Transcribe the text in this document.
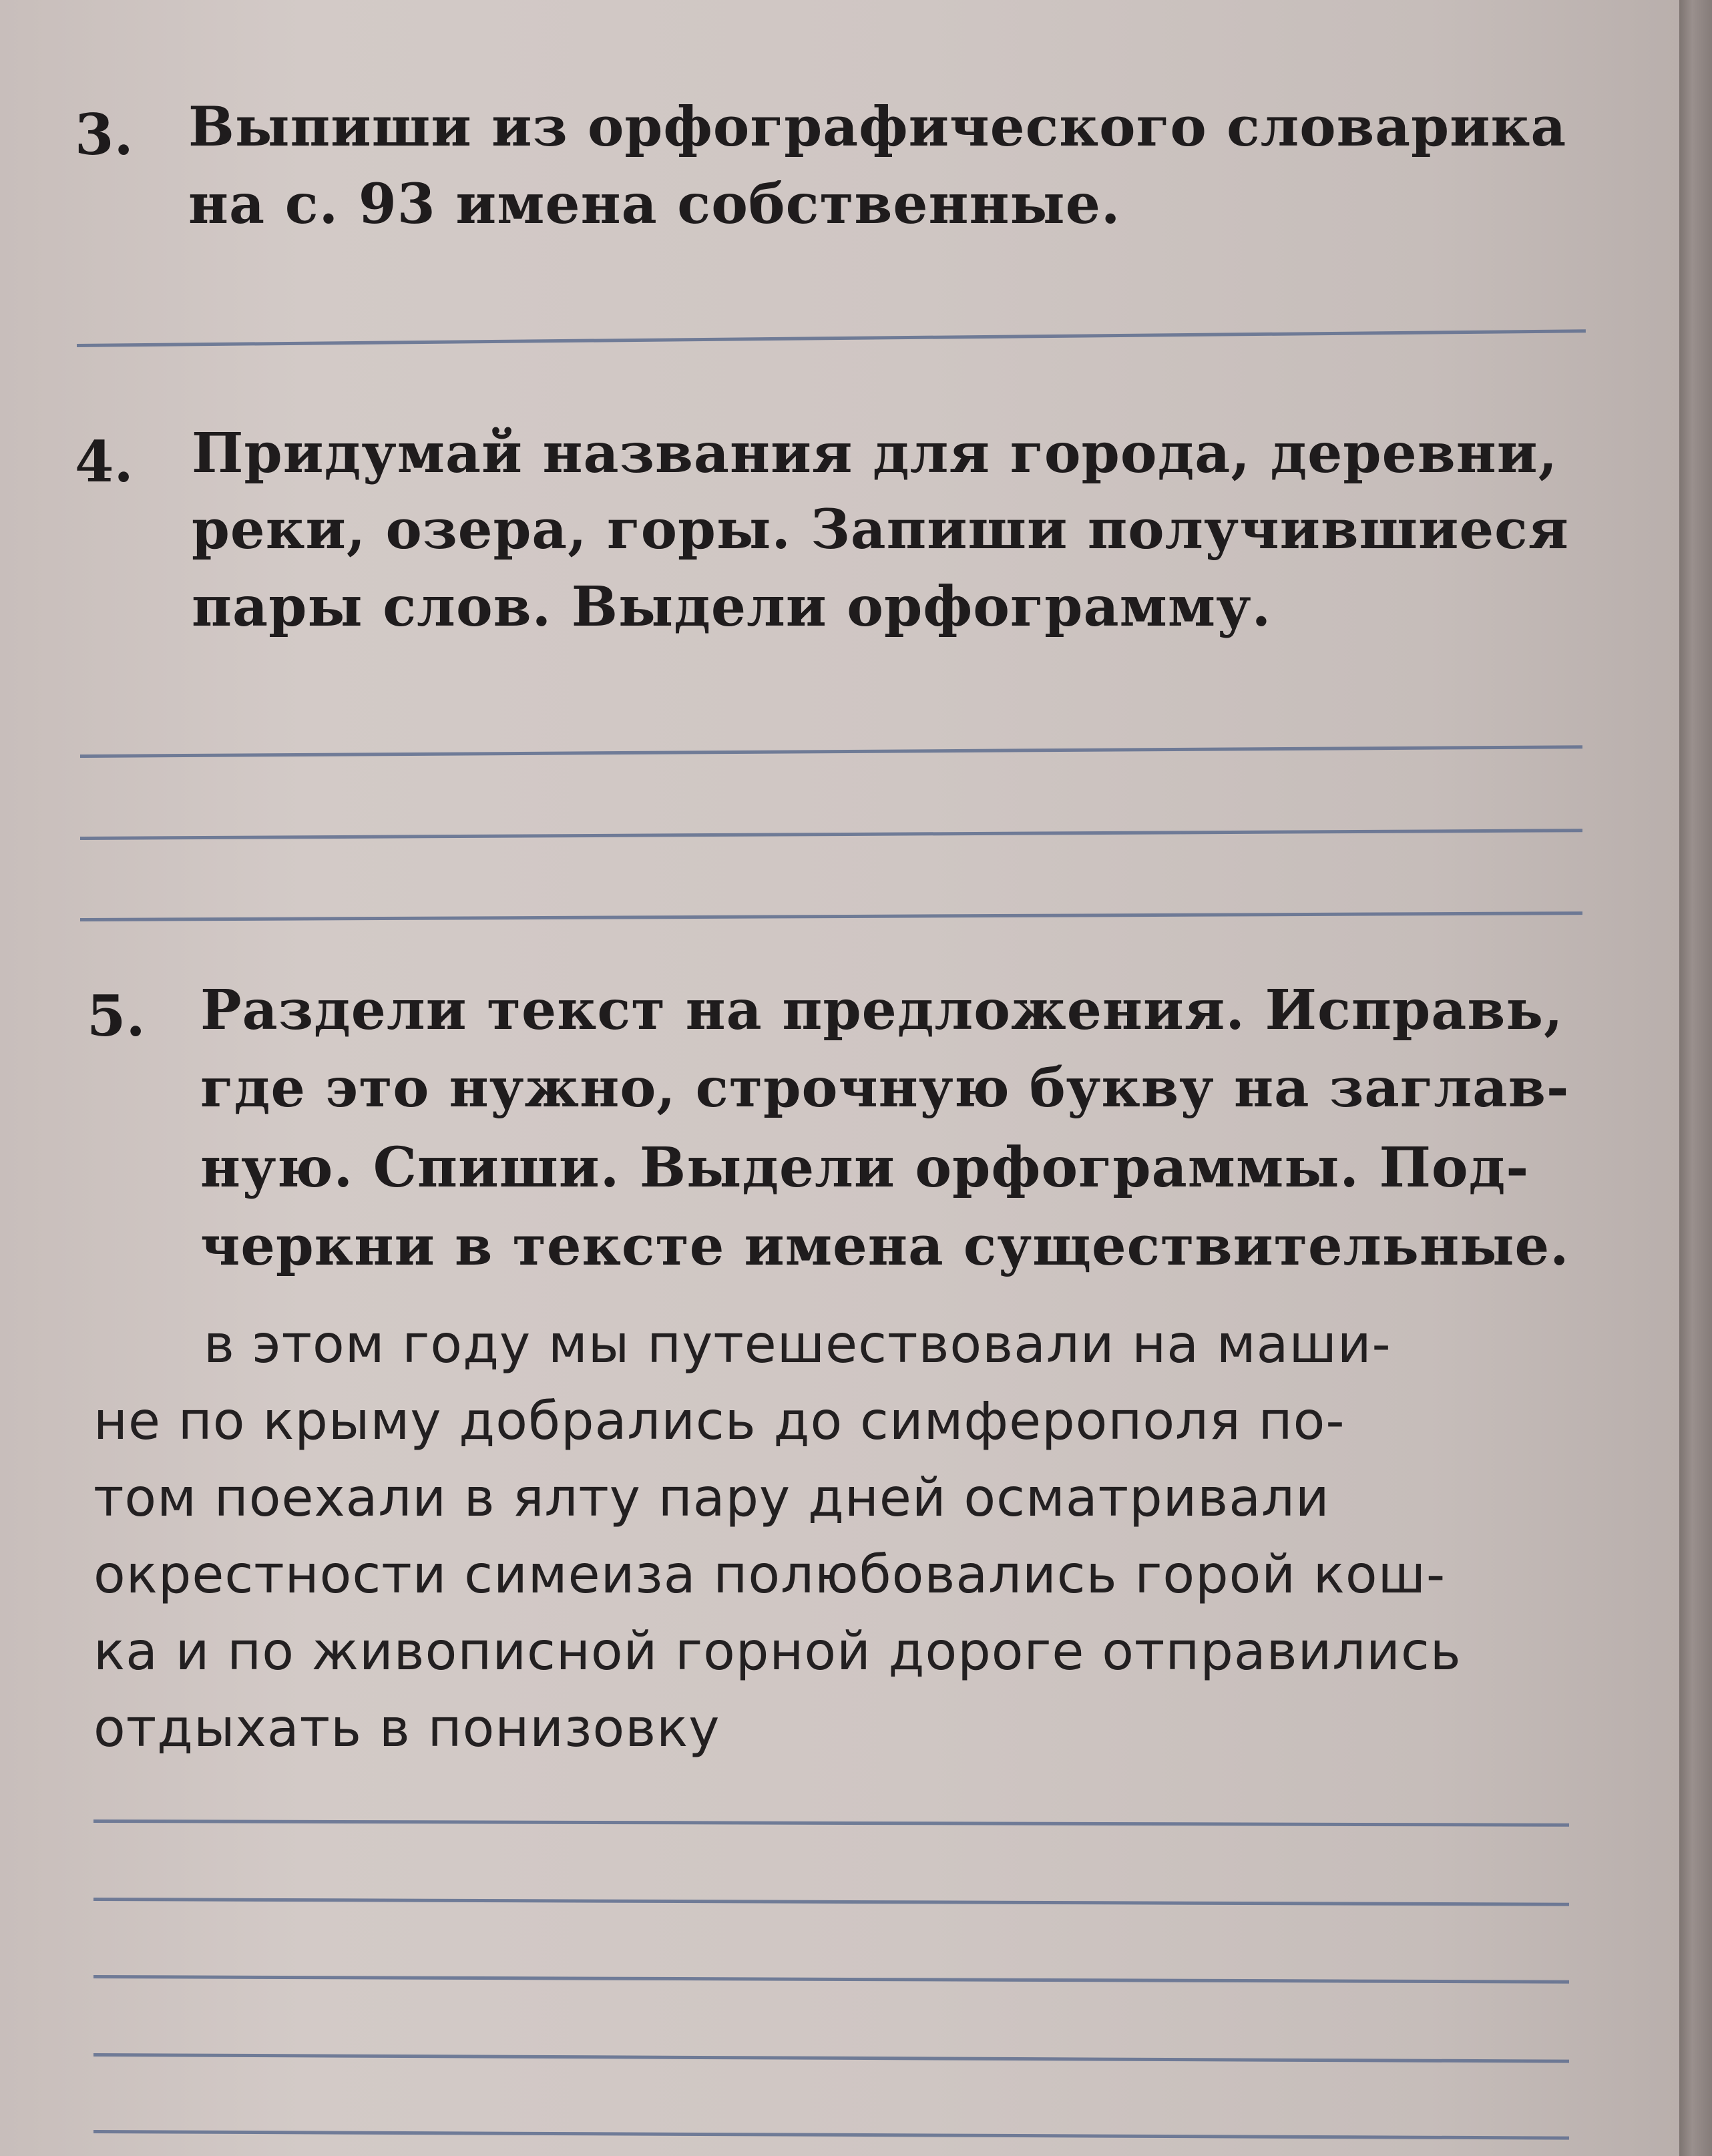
3. Выпиши из орфографического словарика
на с. 93 имена собственные.
4. Придумай названия для города, деревни,
реки, озера, горы. Запиши получившиеся
пары слов. Выдели орфограмму.
5. Раздели текст на предложения. Исправь,
где это нужно, строчную букву на заглав-
ную. Спиши. Выдели орфограммы. Под-
черкни в тексте имена существительные.
в этом году мы путешествовали на маши-
не по крыму добрались до симферополя по-
том поехали в ялту пару дней осматривали
окрестности симеиза полюбовались горой кош-
ка и по живописной горной дороге отправились
отдыхать в понизовку
